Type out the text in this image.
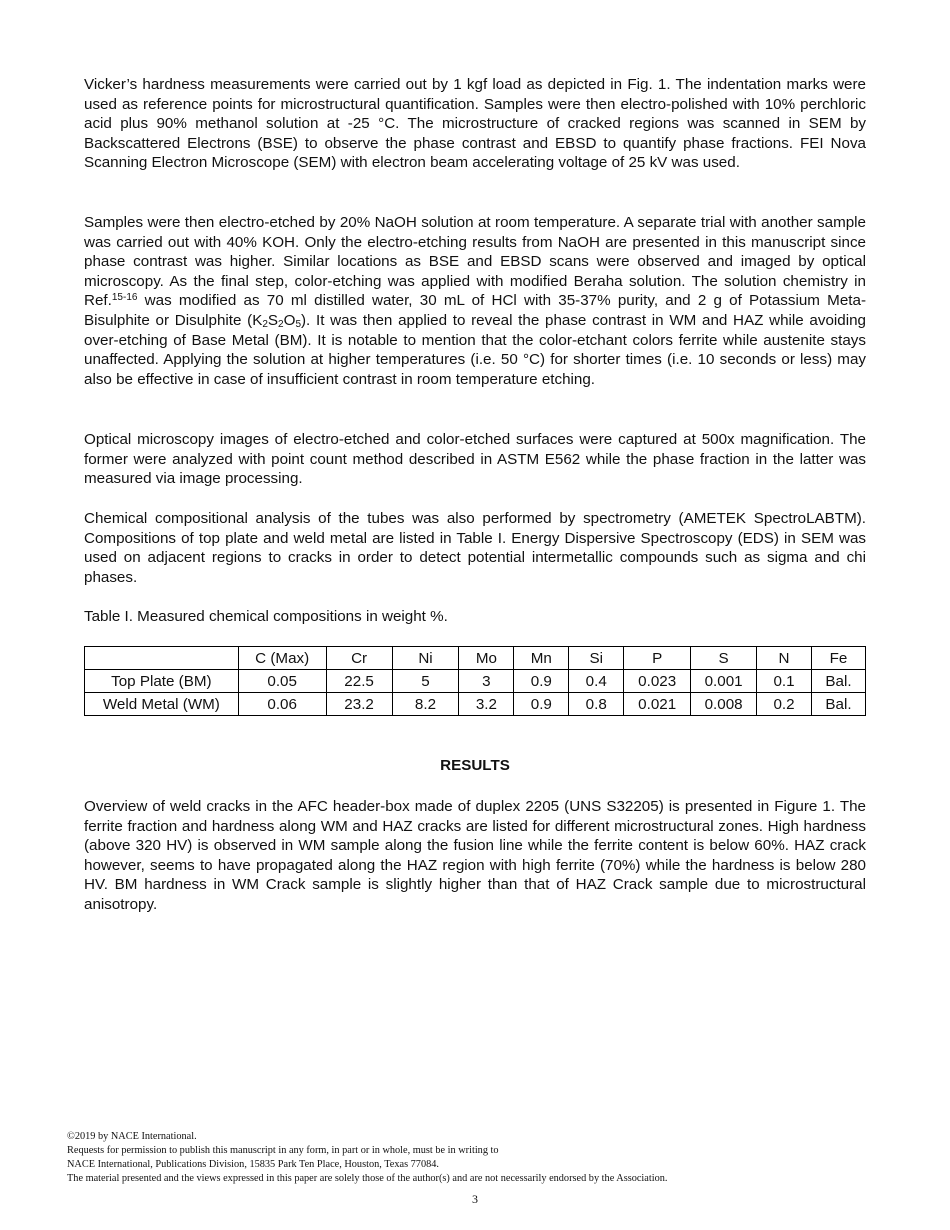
Vicker’s hardness measurements were carried out by 1 kgf load as depicted in Fig. 1. The indentation marks were used as reference points for microstructural quantification. Samples were then electro-polished with 10% perchloric acid plus 90% methanol solution at -25 °C. The microstructure of cracked regions was scanned in SEM by Backscattered Electrons (BSE) to observe the phase contrast and EBSD to quantify phase fractions. FEI Nova Scanning Electron Microscope (SEM) with electron beam accelerating voltage of 25 kV was used.

Samples were then electro-etched by 20% NaOH solution at room temperature. A separate trial with another sample was carried out with 40% KOH. Only the electro-etching results from NaOH are presented in this manuscript since phase contrast was higher. Similar locations as BSE and EBSD scans were observed and imaged by optical microscopy. As the final step, color-etching was applied with modified Beraha solution. The solution chemistry in Ref.$^{15-16}$ was modified as 70 ml distilled water, 30 mL of HCl with 35-37% purity, and 2 g of Potassium Meta-Bisulphite or Disulphite $(K_2S_2O_5)$. It was then applied to reveal the phase contrast in WM and HAZ while avoiding over-etching of Base Metal (BM). It is notable to mention that the color-etchant colors ferrite while austenite stays unaffected. Applying the solution at higher temperatures (i.e. 50 °C) for shorter times (i.e. 10 seconds or less) may also be effective in case of insufficient contrast in room temperature etching.

Optical microscopy images of electro-etched and color-etched surfaces were captured at 500x magnification. The former were analyzed with point count method described in ASTM E562 while the phase fraction in the latter was measured via image processing.

Chemical compositional analysis of the tubes was also performed by spectrometry (AMETEK SpectroLABTM). Compositions of top plate and weld metal are listed in Table I. Energy Dispersive Spectroscopy (EDS) in SEM was used on adjacent regions to cracks in order to detect potential intermetallic compounds such as sigma and chi phases.

Table I. Measured chemical compositions in weight %.

	C (Max)	Cr	Ni	Mo	Mn	Si	P	S	N	Fe
Top Plate (BM)	0.05	22.5	5	3	0.9	0.4	0.023	0.001	0.1	Bal.
Weld Metal (WM)	0.06	23.2	8.2	3.2	0.9	0.8	0.021	0.008	0.2	Bal.
RESULTS

Overview of weld cracks in the AFC header-box made of duplex 2205 (UNS S32205) is presented in Figure 1. The ferrite fraction and hardness along WM and HAZ cracks are listed for different microstructural zones. High hardness (above 320 HV) is observed in WM sample along the fusion line while the ferrite content is below 60%. HAZ crack however, seems to have propagated along the HAZ region with high ferrite (70%) while the hardness is below 280 HV. BM hardness in WM Crack sample is slightly higher than that of HAZ Crack sample due to microstructural anisotropy.

©2019 by NACE International.
Requests for permission to publish this manuscript in any form, in part or in whole, must be in writing to
NACE International, Publications Division, 15835 Park Ten Place, Houston, Texas 77084.
The material presented and the views expressed in this paper are solely those of the author(s) and are not necessarily endorsed by the Association.
3
